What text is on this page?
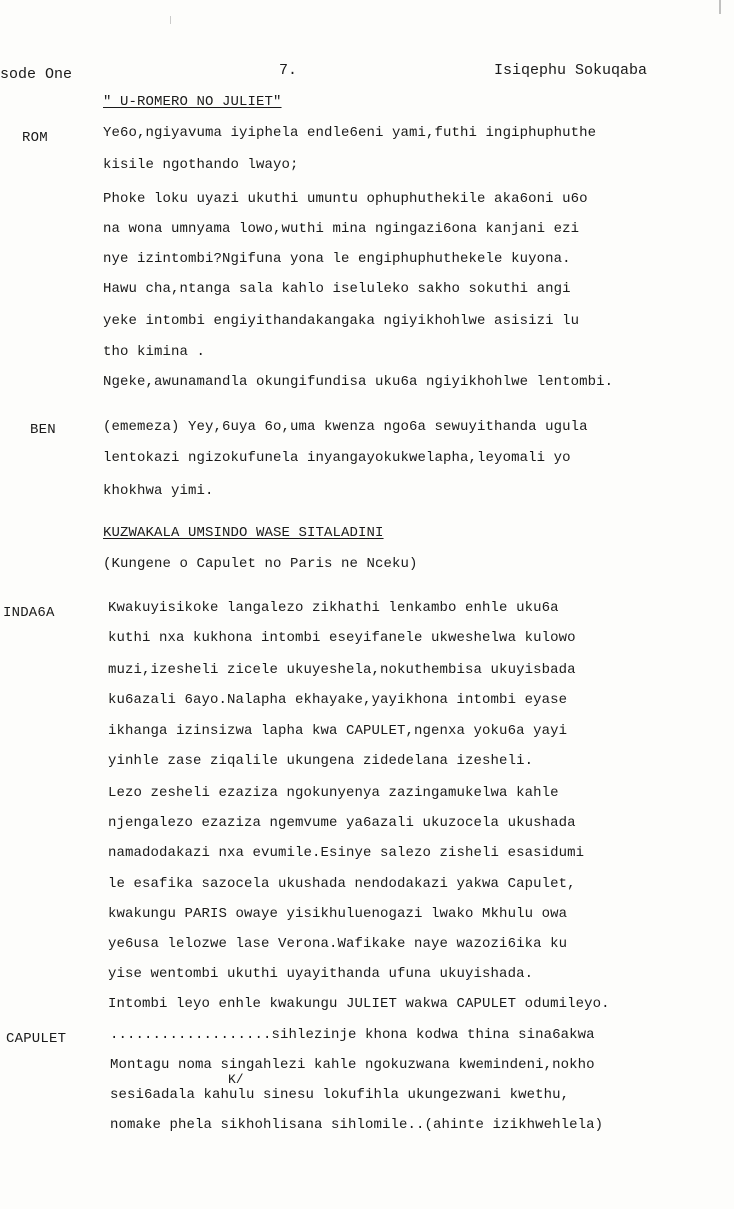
sode One	7.	Isiqephu Sokuqaba
" U-ROMERO NO JULIET"
ROM	Ye6o,ngiyavuma iyiphela endle6eni yami,futhi ingiphuphuthe
kisile ngothando lwayo;
Phoke loku uyazi ukuthi umuntu ophuphuthekile aka6oni u6o
na wona umnyama lowo,wuthi mina ngingazi6ona kanjani ezi
nye izintombi?Ngifuna yona le engiphuphuthekele kuyona.
Hawu cha,ntanga sala kahlo iseluleko sakho sokuthi angi
yeke intombi engiyithandakangaka ngiyikhohlwe asisizi lu
tho kimina .
Ngeke,awunamandla okungifundisa uku6a ngiyikhohlwe lentombi.
BEN	(ememeza) Yey,6uya 6o,uma kwenza ngo6a sewuyithanda ugula
lentokazi ngizokufunela inyangayokukwelapha,leyomali yo
khokhwa yimi.
KUZWAKALA UMSINDO WASE SITALADINI
(Kungene o Capulet no Paris ne Nceku)
INDA6A	Kwakuyisikoke langalezo zikhathi lenkambo enhle uku6a
kuthi nxa kukhona intombi eseyifanele ukweshelwa kulowo
muzi,izesheli zicele ukuyeshela,nokuthembisa ukuyisbada
ku6azali 6ayo.Nalapha ekhayake,yayikhona intombi eyase
ikhanga izinsizwa lapha kwa CAPULET,ngenxa yoku6a yayi
yinhle zase ziqalile ukungena zidedelana izesheli.
Lezo zesheli ezaziza ngokunyenya zazingamukelwa kahle
njengalezo ezaziza ngemvume ya6azali ukuzocela ukushada
namadodakazi nxa evumile.Esinye salezo zisheli esasidumi
le esafika sazocela ukushada nendodakazi yakwa Capulet,
kwakungu PARIS owaye yisikhuluenogazi lwako Mkhulu owa
ye6usa lelozwe lase Verona.Wafikake naye wazozi6ika ku
yise wentombi ukuthi uyayithanda ufuna ukuyishada.
Intombi leyo enhle kwakungu JULIET wakwa CAPULET odumileyo.
CAPULET	...................sihlezinje khona kodwa thina sina6akwa
Montagu noma singahlezi kahle ngokuzwana kwemindeni,nokho
K/
sesi6adala kahulu sinesu lokufihla ukungezwani kwethu,
nomake phela sikhohlisana sihlomile..(ahinte izikhwehlela)
